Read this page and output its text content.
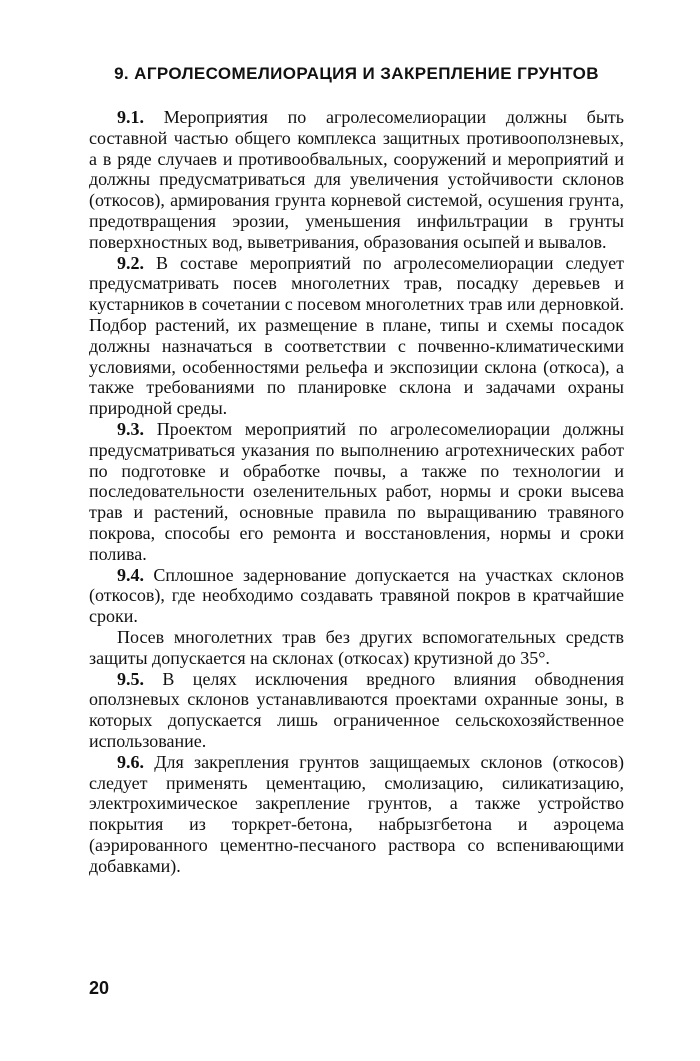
9. АГРОЛЕСОМЕЛИОРАЦИЯ И ЗАКРЕПЛЕНИЕ ГРУНТОВ

9.1. Мероприятия по агролесомелиорации должны быть составной частью общего комплекса защитных противооползневых, а в ряде случаев и противообвальных, сооружений и мероприятий и должны предусматриваться для увеличения устойчивости склонов (откосов), армирования грунта корневой системой, осушения грунта, предотвращения эрозии, уменьшения инфильтрации в грунты поверхностных вод, выветривания, образования осыпей и вывалов.

9.2. В составе мероприятий по агролесомелиорации следует предусматривать посев многолетних трав, посадку деревьев и кустарников в сочетании с посевом многолетних трав или дерновкой. Подбор растений, их размещение в плане, типы и схемы посадок должны назначаться в соответствии с почвенно-климатическими условиями, особенностями рельефа и экспозиции склона (откоса), а также требованиями по планировке склона и задачами охраны природной среды.

9.3. Проектом мероприятий по агролесомелиорации должны предусматриваться указания по выполнению агротехнических работ по подготовке и обработке почвы, а также по технологии и последовательности озеленительных работ, нормы и сроки высева трав и растений, основные правила по выращиванию травяного покрова, способы его ремонта и восстановления, нормы и сроки полива.

9.4. Сплошное задернование допускается на участках склонов (откосов), где необходимо создавать травяной покров в кратчайшие сроки.

Посев многолетних трав без других вспомогательных средств защиты допускается на склонах (откосах) крутизной до 35°.

9.5. В целях исключения вредного влияния обводнения оползневых склонов устанавливаются проектами охранные зоны, в которых допускается лишь ограниченное сельскохозяйственное использование.

9.6. Для закрепления грунтов защищаемых склонов (откосов) следует применять цементацию, смолизацию, силикатизацию, электрохимическое закрепление грунтов, а также устройство покрытия из торкрет-бетона, набрызгбетона и аэроцема (аэрированного цементно-песчаного раствора со вспенивающими добавками).

20
